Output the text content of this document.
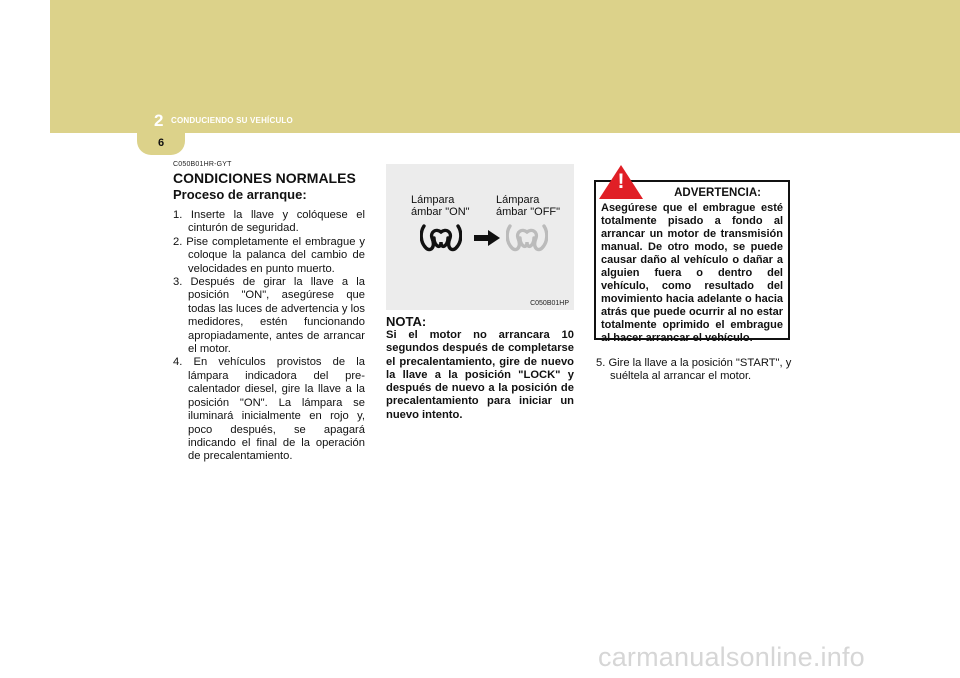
2 CONDUCIENDO SU VEHÍCULO
6
C050B01HR-GYT
CONDICIONES NORMALES
Proceso de arranque:
1. Inserte la llave y colóquese el cinturón de seguridad.
2. Pise completamente el embrague y coloque la palanca del cambio de velocidades en punto muerto.
3. Después de girar la llave a la posición "ON", asegúrese que todas las luces de advertencia y los medidores, estén funcionando apropiadamente, antes de arrancar el motor.
4. En vehículos provistos de la lámpara indicadora del pre-calentador diesel, gire la llave a la posición "ON". La lámpara se iluminará inicialmente en rojo y, poco después, se apagará indicando el final de la operación de precalentamiento.
Lámpara
ámbar "ON"
Lámpara
ámbar "OFF"
C050B01HP
NOTA:
Si el motor no arrancara 10 segundos después de completarse el precalentamiento, gire de nuevo la llave a la posición "LOCK" y después de nuevo a la posición de precalentamiento para iniciar un nuevo intento.
ADVERTENCIA:
Asegúrese que el embrague esté totalmente pisado a fondo al arrancar un motor de transmisión manual. De otro modo, se puede causar daño al vehículo o dañar a alguien fuera o dentro del vehículo, como resultado del movimiento hacia adelante o hacia atrás que puede ocurrir al no estar totalmente oprimido el embrague al hacer arrancar el vehículo.
!
5. Gire la llave a la posición "START", y suéltela al arrancar el motor.
carmanualsonline.info
